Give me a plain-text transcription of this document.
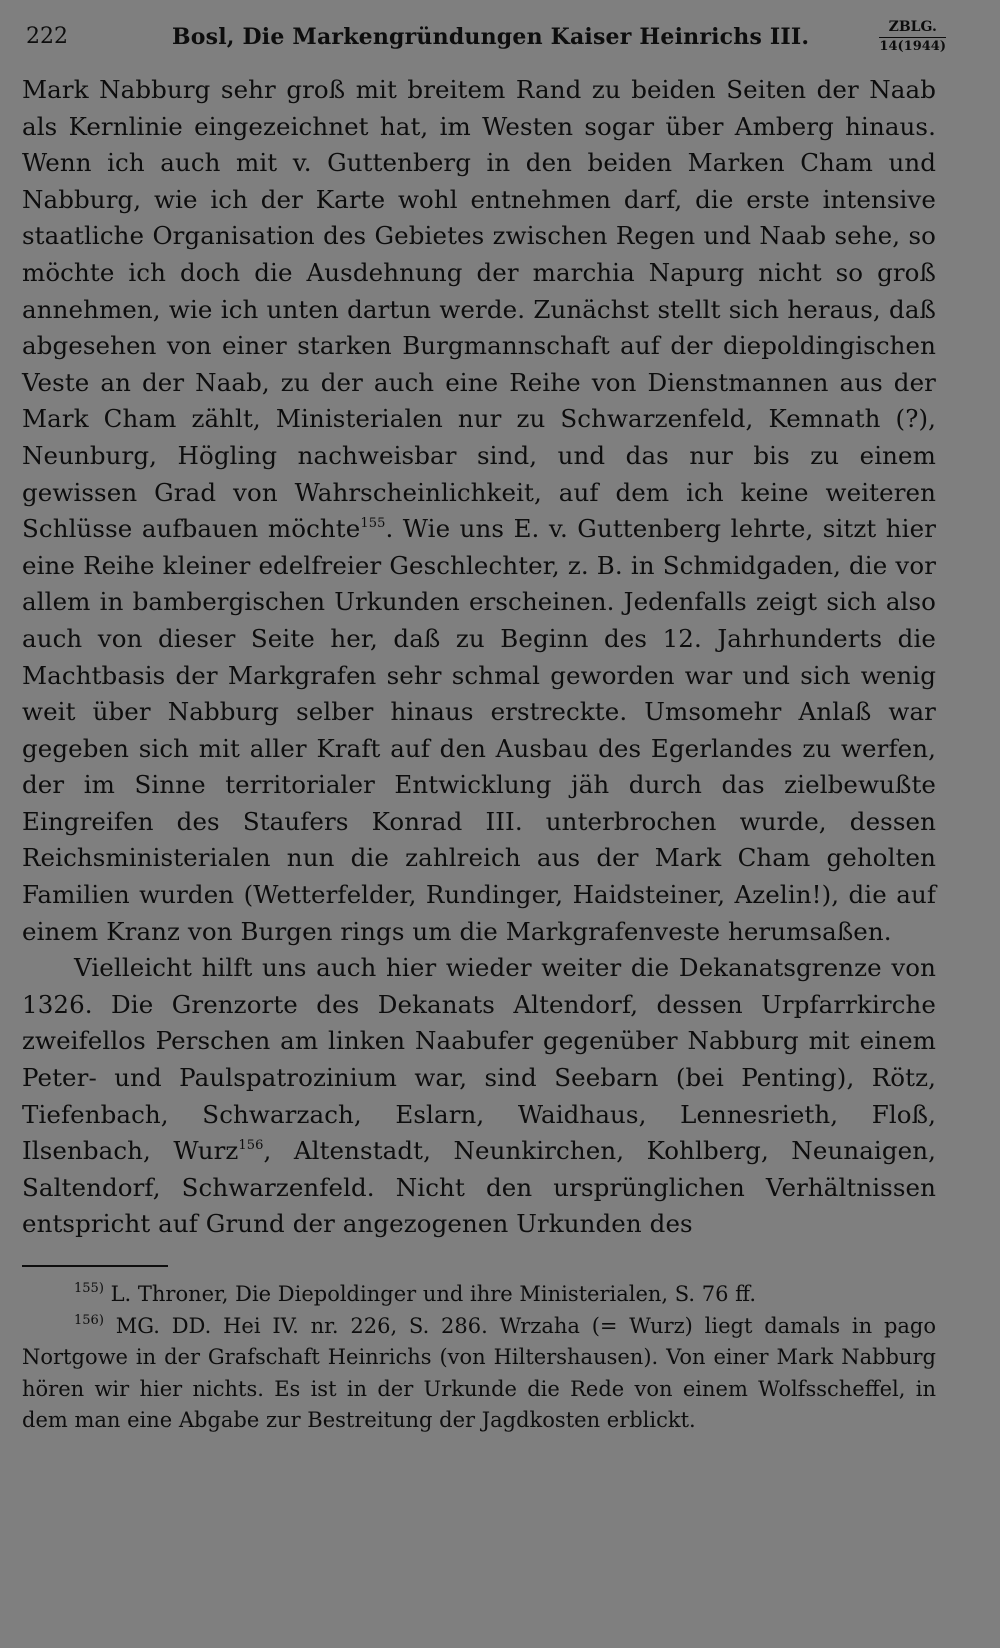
222	Bosl, Die Markengründungen Kaiser Heinrichs III.	ZBLG.
14(1944)

Mark Nabburg sehr groß mit breitem Rand zu beiden Seiten der Naab als Kernlinie eingezeichnet hat, im Westen sogar über Amberg hinaus. Wenn ich auch mit v. Guttenberg in den beiden Marken Cham und Nabburg, wie ich der Karte wohl entnehmen darf, die erste intensive staatliche Organisation des Gebietes zwischen Regen und Naab sehe, so möchte ich doch die Ausdehnung der marchia Napurg nicht so groß annehmen, wie ich unten dartun werde. Zunächst stellt sich heraus, daß abgesehen von einer starken Burgmannschaft auf der diepoldingischen Veste an der Naab, zu der auch eine Reihe von Dienstmannen aus der Mark Cham zählt, Ministerialen nur zu Schwarzenfeld, Kemnath (?), Neunburg, Högling nachweisbar sind, und das nur bis zu einem gewissen Grad von Wahrscheinlichkeit, auf dem ich keine weiteren Schlüsse aufbauen möchte$^{155}$. Wie uns E. v. Guttenberg lehrte, sitzt hier eine Reihe kleiner edelfreier Geschlechter, z. B. in Schmidgaden, die vor allem in bambergischen Urkunden erscheinen. Jedenfalls zeigt sich also auch von dieser Seite her, daß zu Beginn des 12. Jahrhunderts die Machtbasis der Markgrafen sehr schmal geworden war und sich wenig weit über Nabburg selber hinaus erstreckte. Umsomehr Anlaß war gegeben sich mit aller Kraft auf den Ausbau des Egerlandes zu werfen, der im Sinne territorialer Entwicklung jäh durch das zielbewußte Eingreifen des Staufers Konrad III. unterbrochen wurde, dessen Reichsministerialen nun die zahlreich aus der Mark Cham geholten Familien wurden (Wetterfelder, Rundinger, Haidsteiner, Azelin!), die auf einem Kranz von Burgen rings um die Markgrafenveste herumsaßen.

Vielleicht hilft uns auch hier wieder weiter die Dekanatsgrenze von 1326. Die Grenzorte des Dekanats Altendorf, dessen Urpfarrkirche zweifellos Perschen am linken Naabufer gegenüber Nabburg mit einem Peter- und Paulspatrozinium war, sind Seebarn (bei Penting), Rötz, Tiefenbach, Schwarzach, Eslarn, Waidhaus, Lennesrieth, Floß, Ilsenbach, Wurz$^{156}$, Altenstadt, Neunkirchen, Kohlberg, Neunaigen, Saltendorf, Schwarzenfeld. Nicht den ursprünglichen Verhältnissen entspricht auf Grund der angezogenen Urkunden des

$^{155)}$ L. Throner, Die Diepoldinger und ihre Ministerialen, S. 76 ff.

$^{156)}$ MG. DD. Hei IV. nr. 226, S. 286. Wrzaha (= Wurz) liegt damals in pago Nortgowe in der Grafschaft Heinrichs (von Hiltershausen). Von einer Mark Nabburg hören wir hier nichts. Es ist in der Urkunde die Rede von einem Wolfsscheffel, in dem man eine Abgabe zur Bestreitung der Jagdkosten erblickt.
